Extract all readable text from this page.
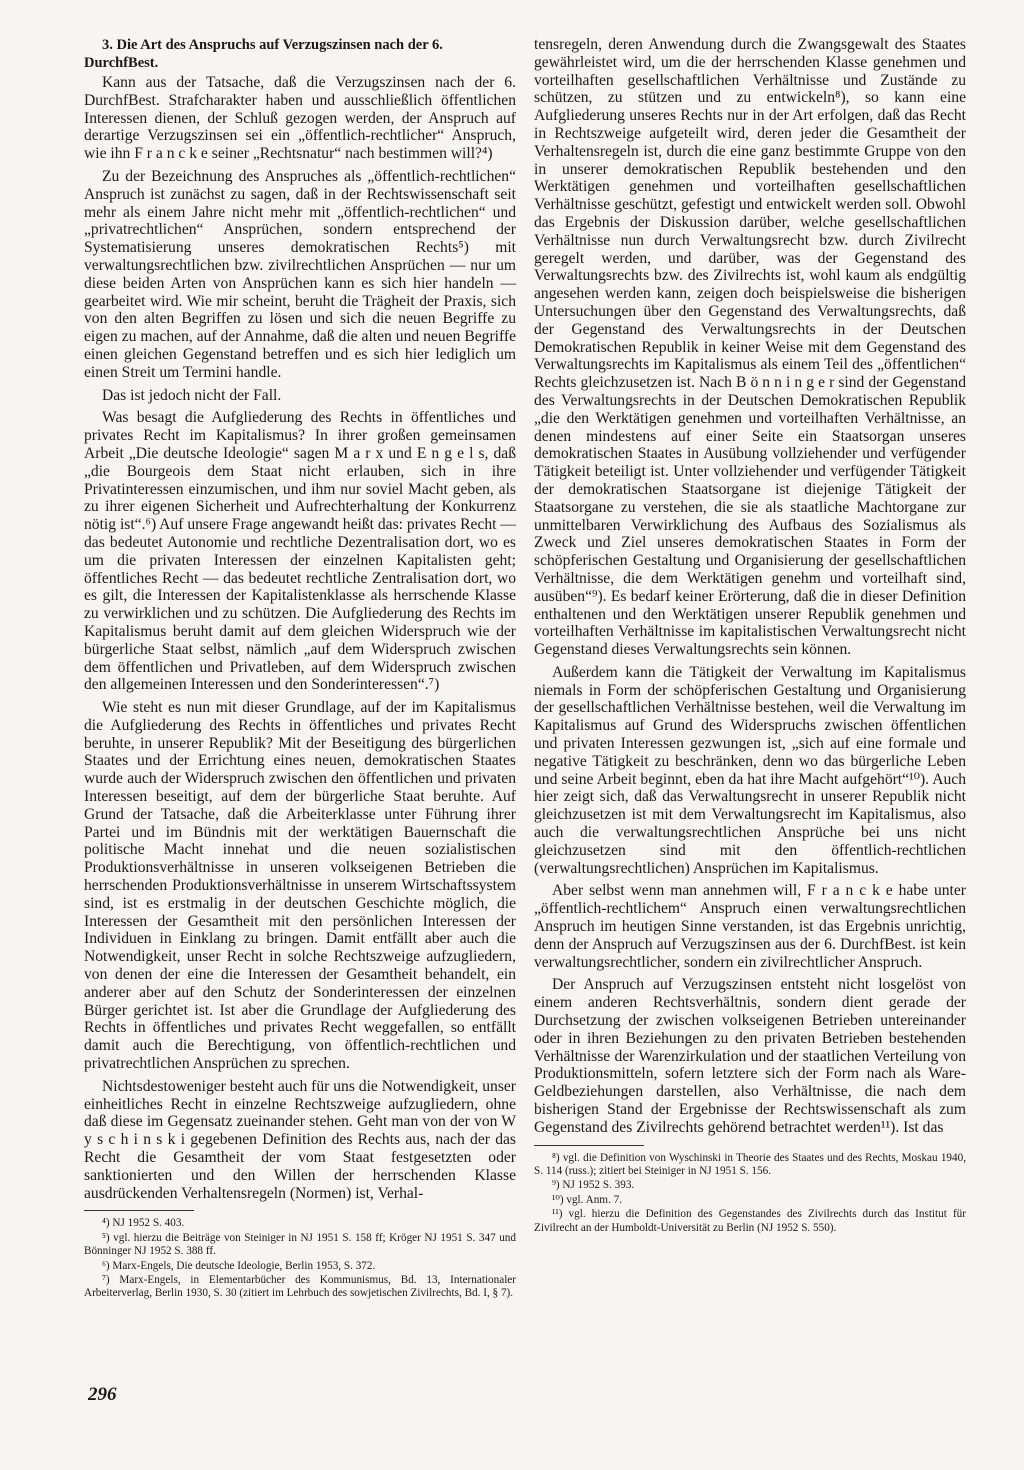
3. Die Art des Anspruchs auf Verzugszinsen nach der 6. DurchfBest.

Kann aus der Tatsache, daß die Verzugszinsen nach der 6. DurchfBest. Strafcharakter haben und ausschließlich öffentlichen Interessen dienen, der Schluß gezogen werden, der Anspruch auf derartige Verzugszinsen sei ein „öffentlich-rechtlicher“ Anspruch, wie ihn F r a n c k e seiner „Rechtsnatur“ nach bestimmen will?⁴)

Zu der Bezeichnung des Anspruches als „öffentlich-rechtlichen“ Anspruch ist zunächst zu sagen, daß in der Rechtswissenschaft seit mehr als einem Jahre nicht mehr mit „öffentlich-rechtlichen“ und „privatrechtlichen“ Ansprüchen, sondern entsprechend der Systematisierung unseres demokratischen Rechts⁵) mit verwaltungsrechtlichen bzw. zivilrechtlichen Ansprüchen — nur um diese beiden Arten von Ansprüchen kann es sich hier handeln — gearbeitet wird. Wie mir scheint, beruht die Trägheit der Praxis, sich von den alten Begriffen zu lösen und sich die neuen Begriffe zu eigen zu machen, auf der Annahme, daß die alten und neuen Begriffe einen gleichen Gegenstand betreffen und es sich hier lediglich um einen Streit um Termini handle.

Das ist jedoch nicht der Fall.

Was besagt die Aufgliederung des Rechts in öffentliches und privates Recht im Kapitalismus? In ihrer großen gemeinsamen Arbeit „Die deutsche Ideologie“ sagen M a r x und E n g e l s, daß „die Bourgeois dem Staat nicht erlauben, sich in ihre Privatinteressen einzumischen, und ihm nur soviel Macht geben, als zu ihrer eigenen Sicherheit und Aufrechterhaltung der Konkurrenz nötig ist“.⁶) Auf unsere Frage angewandt heißt das: privates Recht — das bedeutet Autonomie und rechtliche Dezentralisation dort, wo es um die privaten Interessen der einzelnen Kapitalisten geht; öffentliches Recht — das bedeutet rechtliche Zentralisation dort, wo es gilt, die Interessen der Kapitalistenklasse als herrschende Klasse zu verwirklichen und zu schützen. Die Aufgliederung des Rechts im Kapitalismus beruht damit auf dem gleichen Widerspruch wie der bürgerliche Staat selbst, nämlich „auf dem Widerspruch zwischen dem öffentlichen und Privatleben, auf dem Widerspruch zwischen den allgemeinen Interessen und den Sonderinteressen“.⁷)

Wie steht es nun mit dieser Grundlage, auf der im Kapitalismus die Aufgliederung des Rechts in öffentliches und privates Recht beruhte, in unserer Republik? Mit der Beseitigung des bürgerlichen Staates und der Errichtung eines neuen, demokratischen Staates wurde auch der Widerspruch zwischen den öffentlichen und privaten Interessen beseitigt, auf dem der bürgerliche Staat beruhte. Auf Grund der Tatsache, daß die Arbeiterklasse unter Führung ihrer Partei und im Bündnis mit der werktätigen Bauernschaft die politische Macht innehat und die neuen sozialistischen Produktionsverhältnisse in unseren volkseigenen Betrieben die herrschenden Produktionsverhältnisse in unserem Wirtschaftssystem sind, ist es erstmalig in der deutschen Geschichte möglich, die Interessen der Gesamtheit mit den persönlichen Interessen der Individuen in Einklang zu bringen. Damit entfällt aber auch die Notwendigkeit, unser Recht in solche Rechtszweige aufzugliedern, von denen der eine die Interessen der Gesamtheit behandelt, ein anderer aber auf den Schutz der Sonderinteressen der einzelnen Bürger gerichtet ist. Ist aber die Grundlage der Aufgliederung des Rechts in öffentliches und privates Recht weggefallen, so entfällt damit auch die Berechtigung, von öffentlich-rechtlichen und privatrechtlichen Ansprüchen zu sprechen.

Nichtsdestoweniger besteht auch für uns die Notwendigkeit, unser einheitliches Recht in einzelne Rechtszweige aufzugliedern, ohne daß diese im Gegensatz zueinander stehen. Geht man von der von W y s c h i n s k i gegebenen Definition des Rechts aus, nach der das Recht die Gesamtheit der vom Staat festgesetzten oder sanktionierten und den Willen der herrschenden Klasse ausdrückenden Verhaltensregeln (Normen) ist, Verhal-

⁴) NJ 1952 S. 403.
⁵) vgl. hierzu die Beiträge von Steiniger in NJ 1951 S. 158 ff; Kröger NJ 1951 S. 347 und Bönninger NJ 1952 S. 388 ff.
⁶) Marx-Engels, Die deutsche Ideologie, Berlin 1953, S. 372.
⁷) Marx-Engels, in Elementarbücher des Kommunismus, Bd. 13, Internationaler Arbeiterverlag, Berlin 1930, S. 30 (zitiert im Lehrbuch des sowjetischen Zivilrechts, Bd. I, § 7).

tensregeln, deren Anwendung durch die Zwangsgewalt des Staates gewährleistet wird, um die der herrschenden Klasse genehmen und vorteilhaften gesellschaftlichen Verhältnisse und Zustände zu schützen, zu stützen und zu entwickeln⁸), so kann eine Aufgliederung unseres Rechts nur in der Art erfolgen, daß das Recht in Rechtszweige aufgeteilt wird, deren jeder die Gesamtheit der Verhaltensregeln ist, durch die eine ganz bestimmte Gruppe von den in unserer demokratischen Republik bestehenden und den Werktätigen genehmen und vorteilhaften gesellschaftlichen Verhältnisse geschützt, gefestigt und entwickelt werden soll. Obwohl das Ergebnis der Diskussion darüber, welche gesellschaftlichen Verhältnisse nun durch Verwaltungsrecht bzw. durch Zivilrecht geregelt werden, und darüber, was der Gegenstand des Verwaltungsrechts bzw. des Zivilrechts ist, wohl kaum als endgültig angesehen werden kann, zeigen doch beispielsweise die bisherigen Untersuchungen über den Gegenstand des Verwaltungsrechts, daß der Gegenstand des Verwaltungsrechts in der Deutschen Demokratischen Republik in keiner Weise mit dem Gegenstand des Verwaltungsrechts im Kapitalismus als einem Teil des „öffentlichen“ Rechts gleichzusetzen ist. Nach B ö n n i n g e r sind der Gegenstand des Verwaltungsrechts in der Deutschen Demokratischen Republik „die den Werktätigen genehmen und vorteilhaften Verhältnisse, an denen mindestens auf einer Seite ein Staatsorgan unseres demokratischen Staates in Ausübung vollziehender und verfügender Tätigkeit beteiligt ist. Unter vollziehender und verfügender Tätigkeit der demokratischen Staatsorgane ist diejenige Tätigkeit der Staatsorgane zu verstehen, die sie als staatliche Machtorgane zur unmittelbaren Verwirklichung des Aufbaus des Sozialismus als Zweck und Ziel unseres demokratischen Staates in Form der schöpferischen Gestaltung und Organisierung der gesellschaftlichen Verhältnisse, die dem Werktätigen genehm und vorteilhaft sind, ausüben“⁹). Es bedarf keiner Erörterung, daß die in dieser Definition enthaltenen und den Werktätigen unserer Republik genehmen und vorteilhaften Verhältnisse im kapitalistischen Verwaltungsrecht nicht Gegenstand dieses Verwaltungsrechts sein können.

Außerdem kann die Tätigkeit der Verwaltung im Kapitalismus niemals in Form der schöpferischen Gestaltung und Organisierung der gesellschaftlichen Verhältnisse bestehen, weil die Verwaltung im Kapitalismus auf Grund des Widerspruchs zwischen öffentlichen und privaten Interessen gezwungen ist, „sich auf eine formale und negative Tätigkeit zu beschränken, denn wo das bürgerliche Leben und seine Arbeit beginnt, eben da hat ihre Macht aufgehört“¹⁰). Auch hier zeigt sich, daß das Verwaltungsrecht in unserer Republik nicht gleichzusetzen ist mit dem Verwaltungsrecht im Kapitalismus, also auch die verwaltungsrechtlichen Ansprüche bei uns nicht gleichzusetzen sind mit den öffentlich-rechtlichen (verwaltungsrechtlichen) Ansprüchen im Kapitalismus.

Aber selbst wenn man annehmen will, F r a n c k e habe unter „öffentlich-rechtlichem“ Anspruch einen verwaltungsrechtlichen Anspruch im heutigen Sinne verstanden, ist das Ergebnis unrichtig, denn der Anspruch auf Verzugszinsen aus der 6. DurchfBest. ist kein verwaltungsrechtlicher, sondern ein zivilrechtlicher Anspruch.

Der Anspruch auf Verzugszinsen entsteht nicht losgelöst von einem anderen Rechtsverhältnis, sondern dient gerade der Durchsetzung der zwischen volkseigenen Betrieben untereinander oder in ihren Beziehungen zu den privaten Betrieben bestehenden Verhältnisse der Warenzirkulation und der staatlichen Verteilung von Produktionsmitteln, sofern letztere sich der Form nach als Ware-Geldbeziehungen darstellen, also Verhältnisse, die nach dem bisherigen Stand der Ergebnisse der Rechtswissenschaft als zum Gegenstand des Zivilrechts gehörend betrachtet werden¹¹). Ist das

⁸) vgl. die Definition von Wyschinski in Theorie des Staates und des Rechts, Moskau 1940, S. 114 (russ.); zitiert bei Steiniger in NJ 1951 S. 156.
⁹) NJ 1952 S. 393.
¹⁰) vgl. Anm. 7.
¹¹) vgl. hierzu die Definition des Gegenstandes des Zivilrechts durch das Institut für Zivilrecht an der Humboldt-Universität zu Berlin (NJ 1952 S. 550).
296
